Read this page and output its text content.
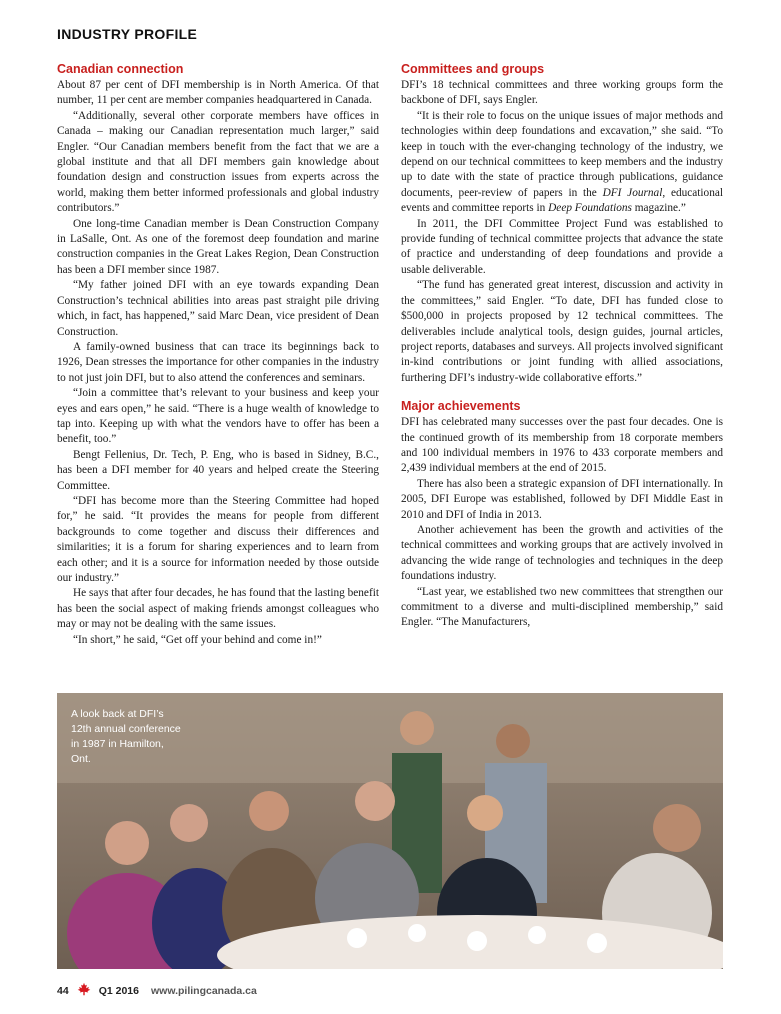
INDUSTRY PROFILE
Canadian connection

About 87 per cent of DFI membership is in North America. Of that number, 11 per cent are member companies headquartered in Canada.

“Additionally, several other corporate members have offices in Canada – making our Canadian representation much larger,” said Engler. “Our Canadian members benefit from the fact that we are a global institute and that all DFI members gain knowledge about foundation design and construction issues from experts across the world, making them better informed professionals and global industry contributors.”

One long-time Canadian member is Dean Construction Company in LaSalle, Ont. As one of the foremost deep foundation and marine construction companies in the Great Lakes Region, Dean Construction has been a DFI member since 1987.

“My father joined DFI with an eye towards expanding Dean Construction’s technical abilities into areas past straight pile driving which, in fact, has happened,” said Marc Dean, vice president of Dean Construction.

A family-owned business that can trace its beginnings back to 1926, Dean stresses the importance for other companies in the industry to not just join DFI, but to also attend the conferences and seminars.

“Join a committee that’s relevant to your business and keep your eyes and ears open,” he said. “There is a huge wealth of knowledge to tap into. Keeping up with what the vendors have to offer has been a benefit, too.”

Bengt Fellenius, Dr. Tech, P. Eng, who is based in Sidney, B.C., has been a DFI member for 40 years and helped create the Steering Committee.

“DFI has become more than the Steering Committee had hoped for,” he said. “It provides the means for people from different backgrounds to come together and discuss their differences and similarities; it is a forum for sharing experiences and to learn from each other; and it is a source for information needed by those outside our industry.”

He says that after four decades, he has found that the lasting benefit has been the social aspect of making friends amongst colleagues who may or may not be dealing with the same issues.

“In short,” he said, “Get off your behind and come in!”

Committees and groups

DFI’s 18 technical committees and three working groups form the backbone of DFI, says Engler.

“It is their role to focus on the unique issues of major methods and technologies within deep foundations and excavation,” she said. “To keep in touch with the ever-changing technology of the industry, we depend on our technical committees to keep members and the industry up to date with the state of practice through publications, guidance documents, peer-review of papers in the DFI Journal, educational events and committee reports in Deep Foundations magazine.”

In 2011, the DFI Committee Project Fund was established to provide funding of technical committee projects that advance the state of practice and understanding of deep foundations and provide a usable deliverable.

“The fund has generated great interest, discussion and activity in the committees,” said Engler. “To date, DFI has funded close to $500,000 in projects proposed by 12 technical committees. The deliverables include analytical tools, design guides, journal articles, project reports, databases and surveys. All projects involved significant in-kind contributions or joint funding with allied associations, furthering DFI’s industry-wide collaborative efforts.”

Major achievements

DFI has celebrated many successes over the past four decades. One is the continued growth of its membership from 18 corporate members and 100 individual members in 1976 to 433 corporate members and 2,439 individual members at the end of 2015.

There has also been a strategic expansion of DFI internationally. In 2005, DFI Europe was established, followed by DFI Middle East in 2010 and DFI of India in 2013.

Another achievement has been the growth and activities of the technical committees and working groups that are actively involved in advancing the wide range of technologies and techniques in the deep foundations industry.

“Last year, we established two new committees that strengthen our commitment to a diverse and multi-disciplined membership,” said Engler. “The Manufacturers,

A look back at DFI’s 12th annual conference in 1987 in Hamilton, Ont.
44	Q1 2016 www.pilingcanada.ca
